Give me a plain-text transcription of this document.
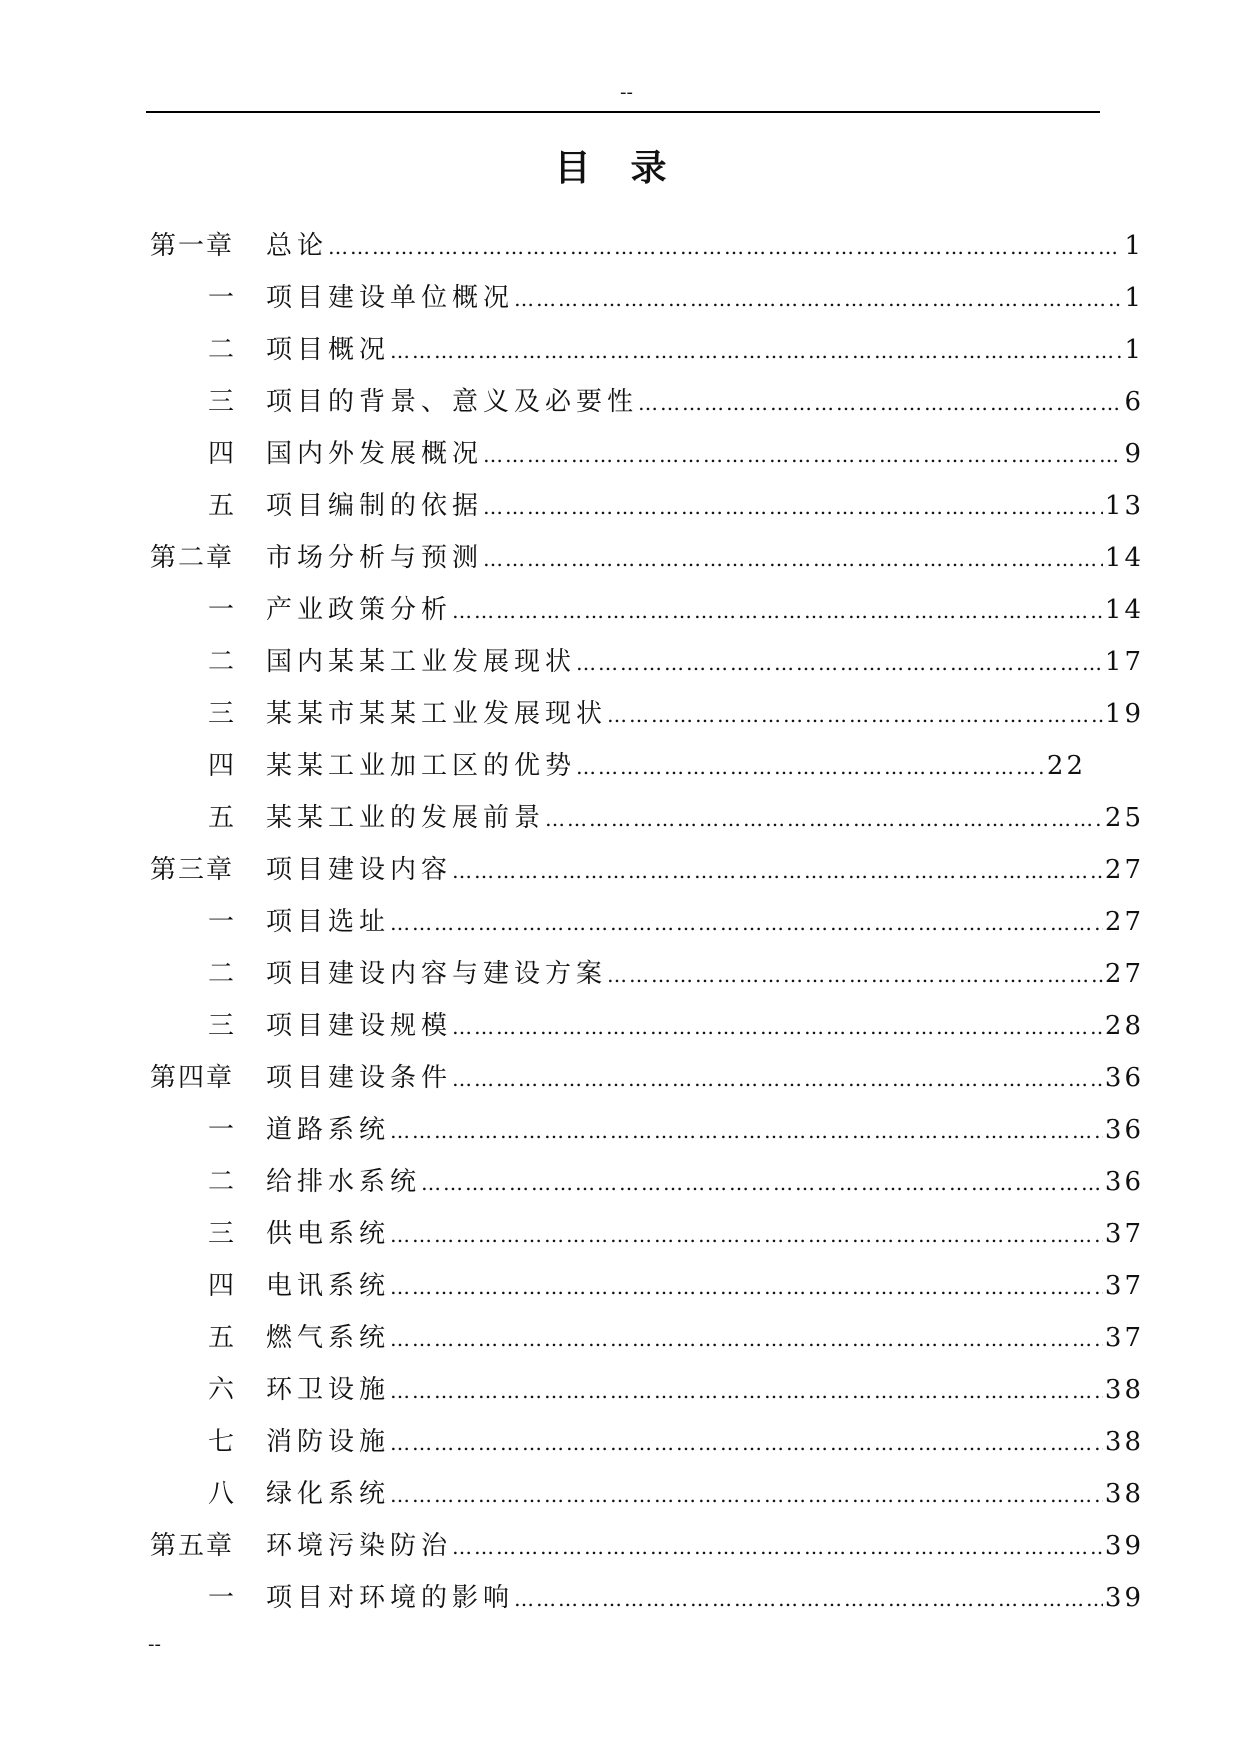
--
目录
第一章 总论 …………………………………………………………………………………………………………………………………………	1
一 项目建设单位概况 …………………………………………………………………………………………………………………………………………	1
二 项目概况 …………………………………………………………………………………………………………………………………………	1
三 项目的背景、意义及必要性 …………………………………………………………………………………………………………………………………………	6
四 国内外发展概况 …………………………………………………………………………………………………………………………………………	9
五 项目编制的依据 …………………………………………………………………………………………………………………………………………	13
第二章 市场分析与预测 …………………………………………………………………………………………………………………………………………	14
一 产业政策分析 …………………………………………………………………………………………………………………………………………	14
二 国内某某工业发展现状 …………………………………………………………………………………………………………………………………………	17
三 某某市某某工业发展现状 …………………………………………………………………………………………………………………………………………	19
四 某某工业加工区的优势 …………………………………………………………………………………………………………………………………………	22
五 某某工业的发展前景 …………………………………………………………………………………………………………………………………………	25
第三章 项目建设内容 …………………………………………………………………………………………………………………………………………	27
一 项目选址 …………………………………………………………………………………………………………………………………………	27
二 项目建设内容与建设方案 …………………………………………………………………………………………………………………………………………	27
三 项目建设规模 …………………………………………………………………………………………………………………………………………	28
第四章 项目建设条件 …………………………………………………………………………………………………………………………………………	36
一 道路系统 …………………………………………………………………………………………………………………………………………	36
二 给排水系统 …………………………………………………………………………………………………………………………………………	36
三 供电系统 …………………………………………………………………………………………………………………………………………	37
四 电讯系统 …………………………………………………………………………………………………………………………………………	37
五 燃气系统 …………………………………………………………………………………………………………………………………………	37
六 环卫设施 …………………………………………………………………………………………………………………………………………	38
七 消防设施 …………………………………………………………………………………………………………………………………………	38
八 绿化系统 …………………………………………………………………………………………………………………………………………	38
第五章 环境污染防治 …………………………………………………………………………………………………………………………………………	39
一 项目对环境的影响 …………………………………………………………………………………………………………………………………………	39
--
